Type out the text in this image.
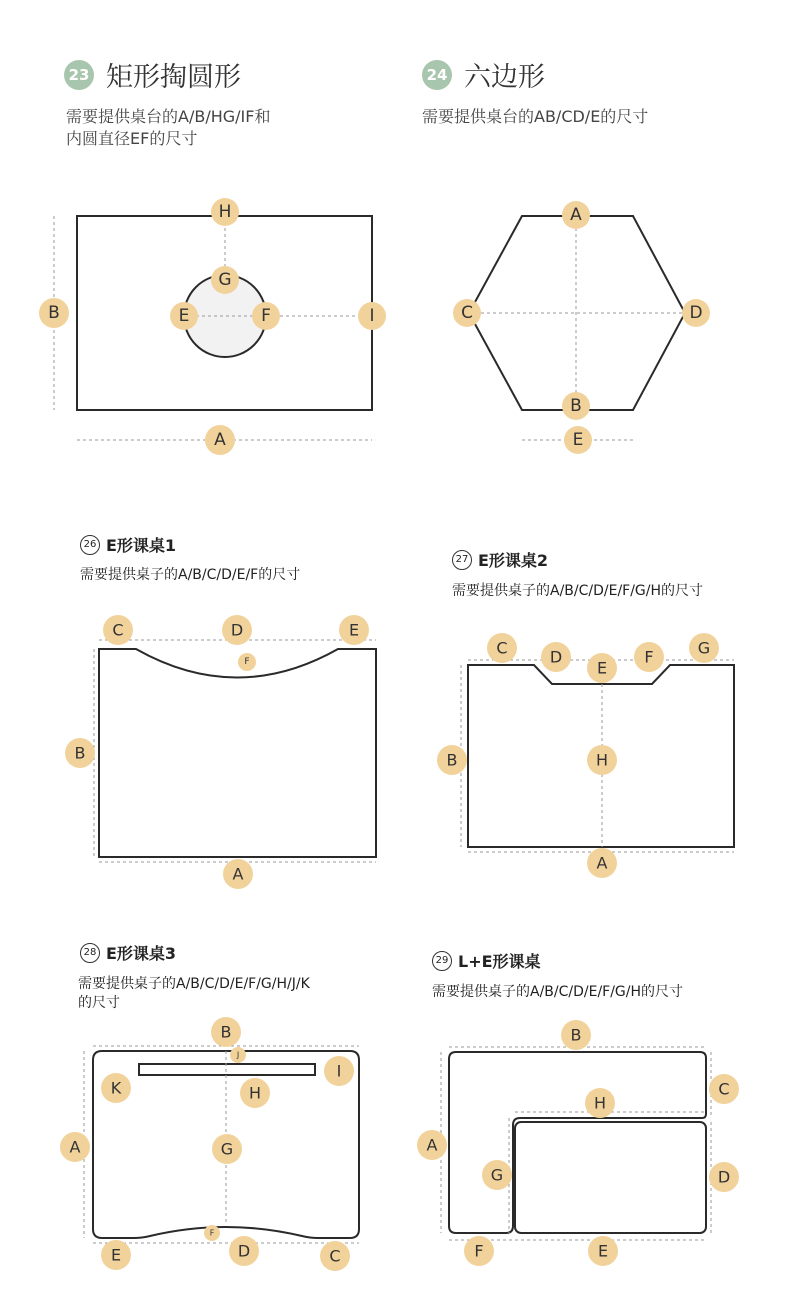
23 矩形掏圆形
需要提供桌台的A/B/HG/IF和
内圆直径EF的尺寸
24 六边形
需要提供桌台的AB/CD/E的尺寸
26 E形课桌1
需要提供桌子的A/B/C/D/E/F的尺寸
27 E形课桌2
需要提供桌子的A/B/C/D/E/F/G/H的尺寸
28 E形课桌3
需要提供桌子的A/B/C/D/E/F/G/H/J/K
的尺寸
29 L+E形课桌
需要提供桌子的A/B/C/D/E/F/G/H的尺寸
H
G
E	F	I
B
A
A
C	D
B
E
C	D	E
F
B
A
C	D
E
F	G
B	H
A
B
J
I
K	H
A	G
F
E	D	C
B
C
H
A
G	D
F	E
